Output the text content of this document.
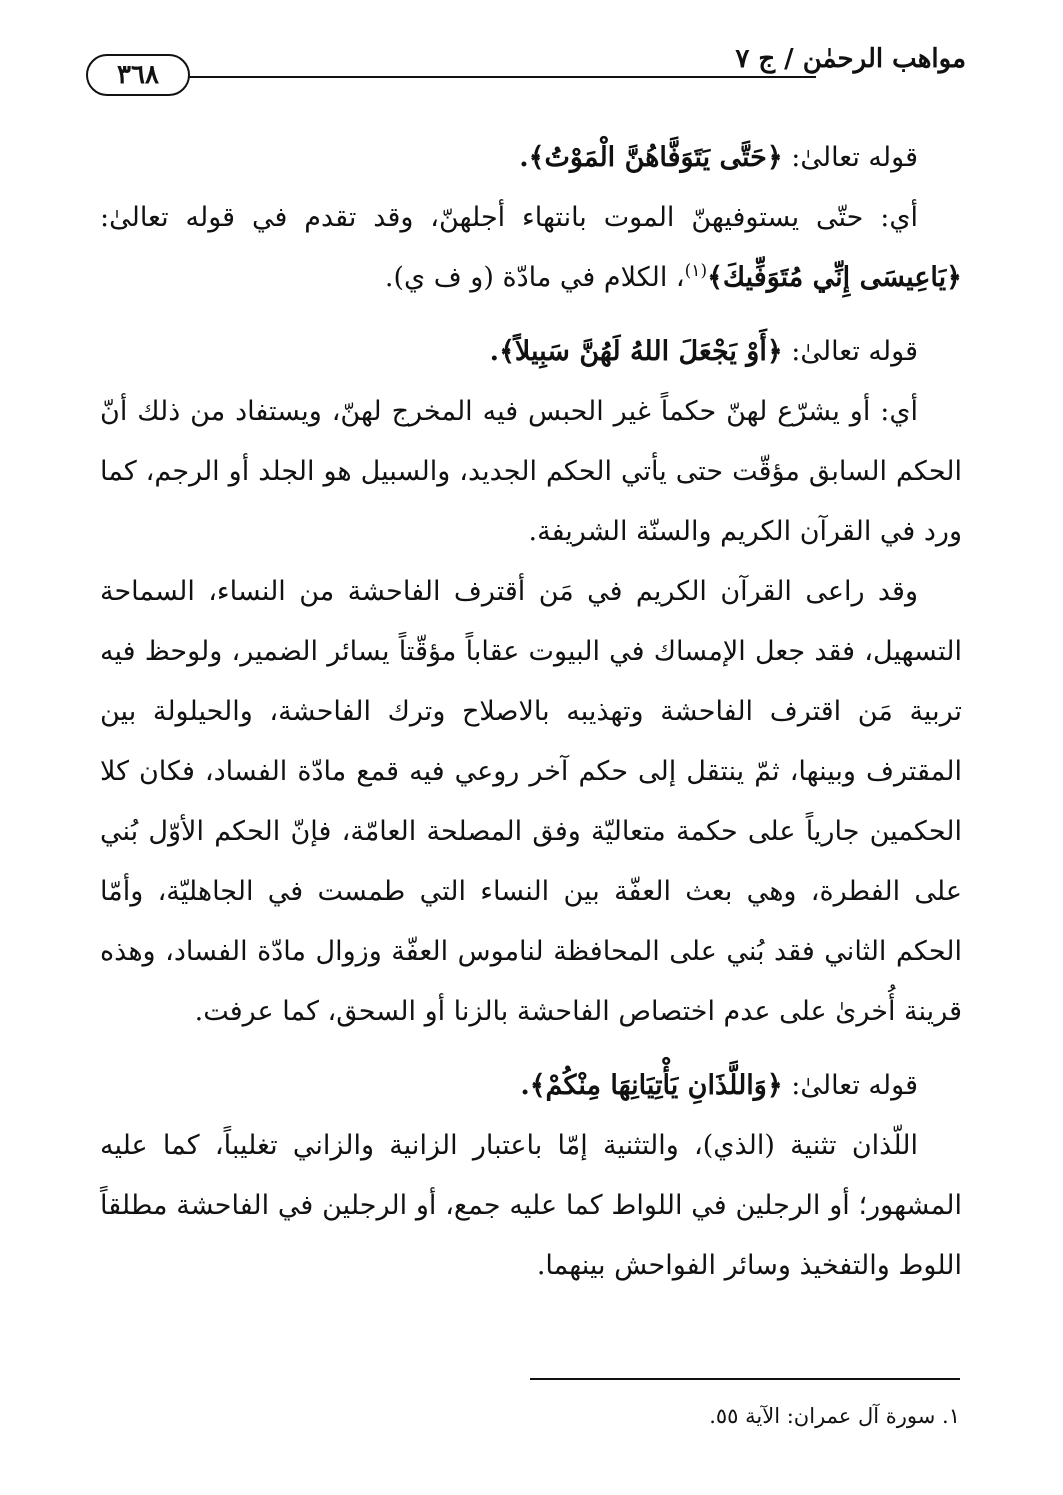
٣٦٨
مواهب الرحمٰن / ج ٧

قوله تعالىٰ: ﴿حَتَّى يَتَوَفَّاهُنَّ الْمَوْتُ﴾.

أي: حتّى يستوفيهنّ الموت بانتهاء أجلهنّ، وقد تقدم في قوله تعالىٰ: ﴿يَاعِيسَى إِنِّي مُتَوَفِّيكَ﴾$^{(١)}$، الكلام في مادّة (و ف ي).

قوله تعالىٰ: ﴿أَوْ يَجْعَلَ اللهُ لَهُنَّ سَبِيلاً﴾.

أي: أو يشرّع لهنّ حكماً غير الحبس فيه المخرج لهنّ، ويستفاد من ذلك أنّ الحكم السابق مؤقّت حتى يأتي الحكم الجديد، والسبيل هو الجلد أو الرجم، كما ورد في القرآن الكريم والسنّة الشريفة.

وقد راعى القرآن الكريم في مَن أقترف الفاحشة من النساء، السماحة التسهيل، فقد جعل الإمساك في البيوت عقاباً مؤقّتاً يسائر الضمير، ولوحظ فيه تربية مَن اقترف الفاحشة وتهذيبه بالاصلاح وترك الفاحشة، والحيلولة بين المقترف وبينها، ثمّ ينتقل إلى حكم آخر روعي فيه قمع مادّة الفساد، فكان كلا الحكمين جارياً على حكمة متعاليّة وفق المصلحة العامّة، فإنّ الحكم الأوّل بُني على الفطرة، وهي بعث العفّة بين النساء التي طمست في الجاهليّة، وأمّا الحكم الثاني فقد بُني على المحافظة لناموس العفّة وزوال مادّة الفساد، وهذه قرينة أُخرىٰ على عدم اختصاص الفاحشة بالزنا أو السحق، كما عرفت.

قوله تعالىٰ: ﴿وَاللَّذَانِ يَأْتِيَانِهَا مِنْكُمْ﴾.

اللّذان تثنية (الذي)، والتثنية إمّا باعتبار الزانية والزاني تغليباً، كما عليه المشهور؛ أو الرجلين في اللواط كما عليه جمع، أو الرجلين في الفاحشة مطلقاً اللوط والتفخيذ وسائر الفواحش بينهما.

١. سورة آل عمران: الآية ٥٥.
